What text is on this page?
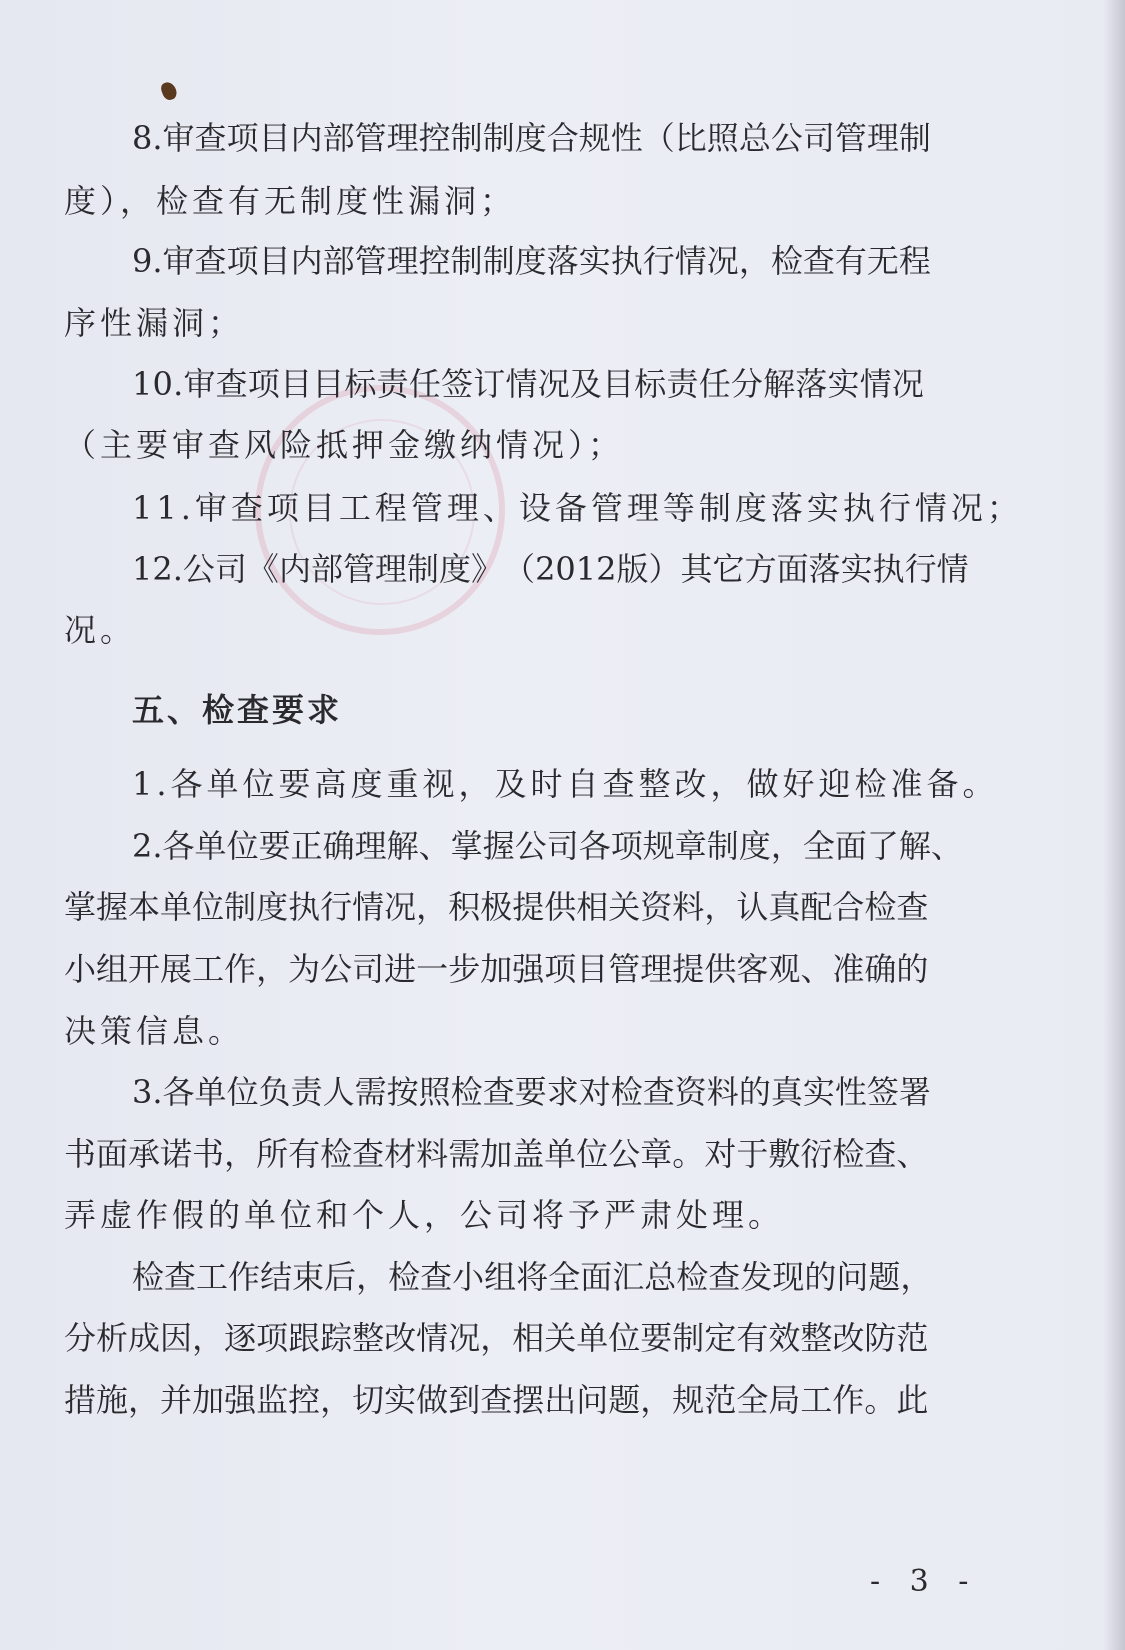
8 . 审 查 项 目 内 部 管 理 控 制 制 度 合 规 性 （ 比 照 总 公 司 管 理 制
度），检查有无制度性漏洞；
9 . 审 查 项 目 内 部 管 理 控 制 制 度 落 实 执 行 情 况 ， 检 查 有 无 程
序性漏洞；
1 0 . 审 查 项 目 目 标 责 任 签 订 情 况 及 目 标 责 任 分 解 落 实 情 况
（主要审查风险抵押金缴纳情况）；
11.审查项目工程管理、设备管理等制度落实执行情况；
1 2 . 公 司 《 内 部 管 理 制 度 》 （ 2 0 1 2 版 ） 其 它 方 面 落 实 执 行 情
况。
五、检查要求
1.各单位要高度重视，及时自查整改，做好迎检准备。
2 . 各 单 位 要 正 确 理 解 、 掌 握 公 司 各 项 规 章 制 度 ， 全 面 了 解 、
掌 握 本 单 位 制 度 执 行 情 况 ， 积 极 提 供 相 关 资 料 ， 认 真 配 合 检 查
小 组 开 展 工 作 ， 为 公 司 进 一 步 加 强 项 目 管 理 提 供 客 观 、 准 确 的
决策信息。
3 . 各 单 位 负 责 人 需 按 照 检 查 要 求 对 检 查 资 料 的 真 实 性 签 署
书 面 承 诺 书 ， 所 有 检 查 材 料 需 加 盖 单 位 公 章 。 对 于 敷 衍 检 查 、
弄虚作假的单位和个人，公司将予严肃处理。
检 查 工 作 结 束 后 ， 检 查 小 组 将 全 面 汇 总 检 查 发 现 的 问 题 ，
分 析 成 因 ， 逐 项 跟 踪 整 改 情 况 ， 相 关 单 位 要 制 定 有 效 整 改 防 范
措 施 ， 并 加 强 监 控 ， 切 实 做 到 查 摆 出 问 题 ， 规 范 全 局 工 作 。 此
- 3 -
